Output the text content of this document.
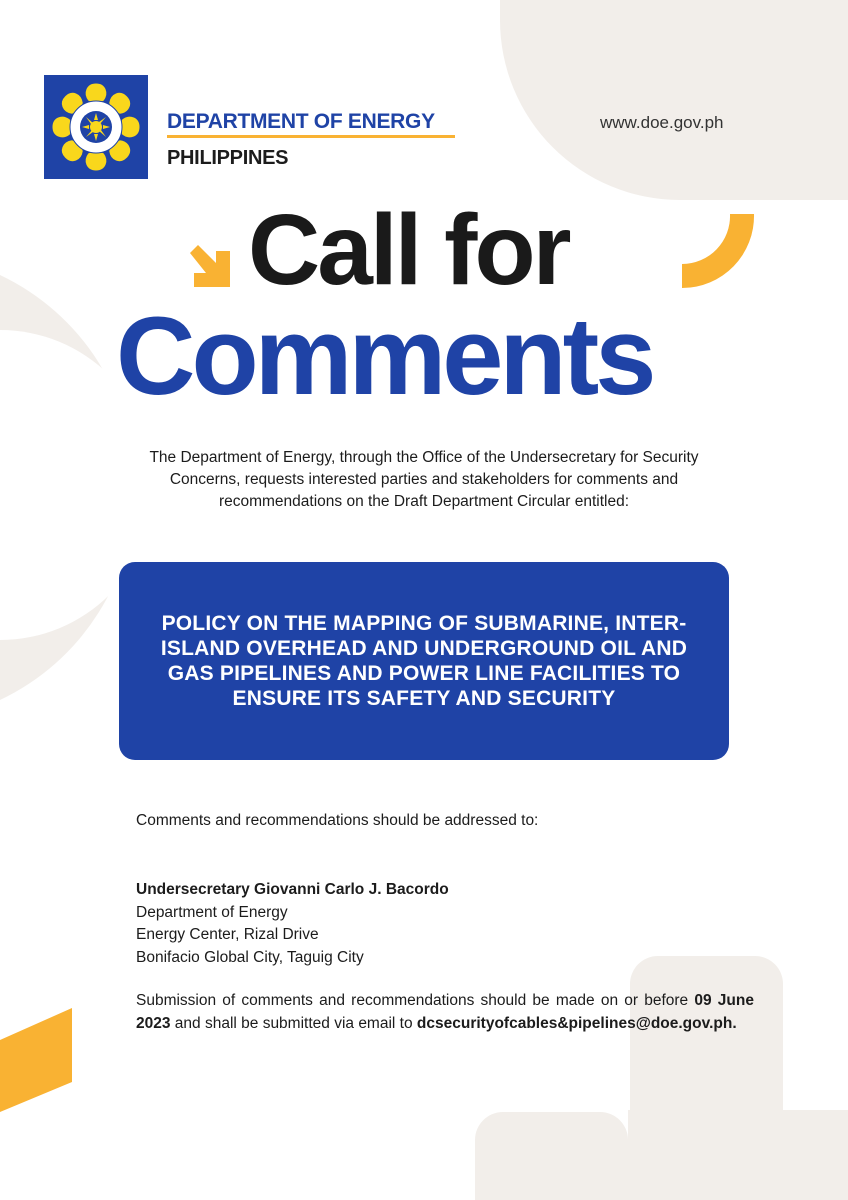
DEPARTMENT OF ENERGY
PHILIPPINES
www.doe.gov.ph
Call for
Comments
The Department of Energy, through the Office of the Undersecretary for Security Concerns, requests interested parties and stakeholders for comments and recommendations on the Draft Department Circular entitled:
POLICY ON THE MAPPING OF SUBMARINE, INTER-ISLAND OVERHEAD AND UNDERGROUND OIL AND GAS PIPELINES AND POWER LINE FACILITIES TO ENSURE ITS SAFETY AND SECURITY
Comments and recommendations should be addressed to:
Undersecretary Giovanni Carlo J. Bacordo
Department of Energy
Energy Center, Rizal Drive
Bonifacio Global City, Taguig City
Submission of comments and recommendations should be made on or before 09 June 2023 and shall be submitted via email to dcsecurityofcables&pipelines@doe.gov.ph.
